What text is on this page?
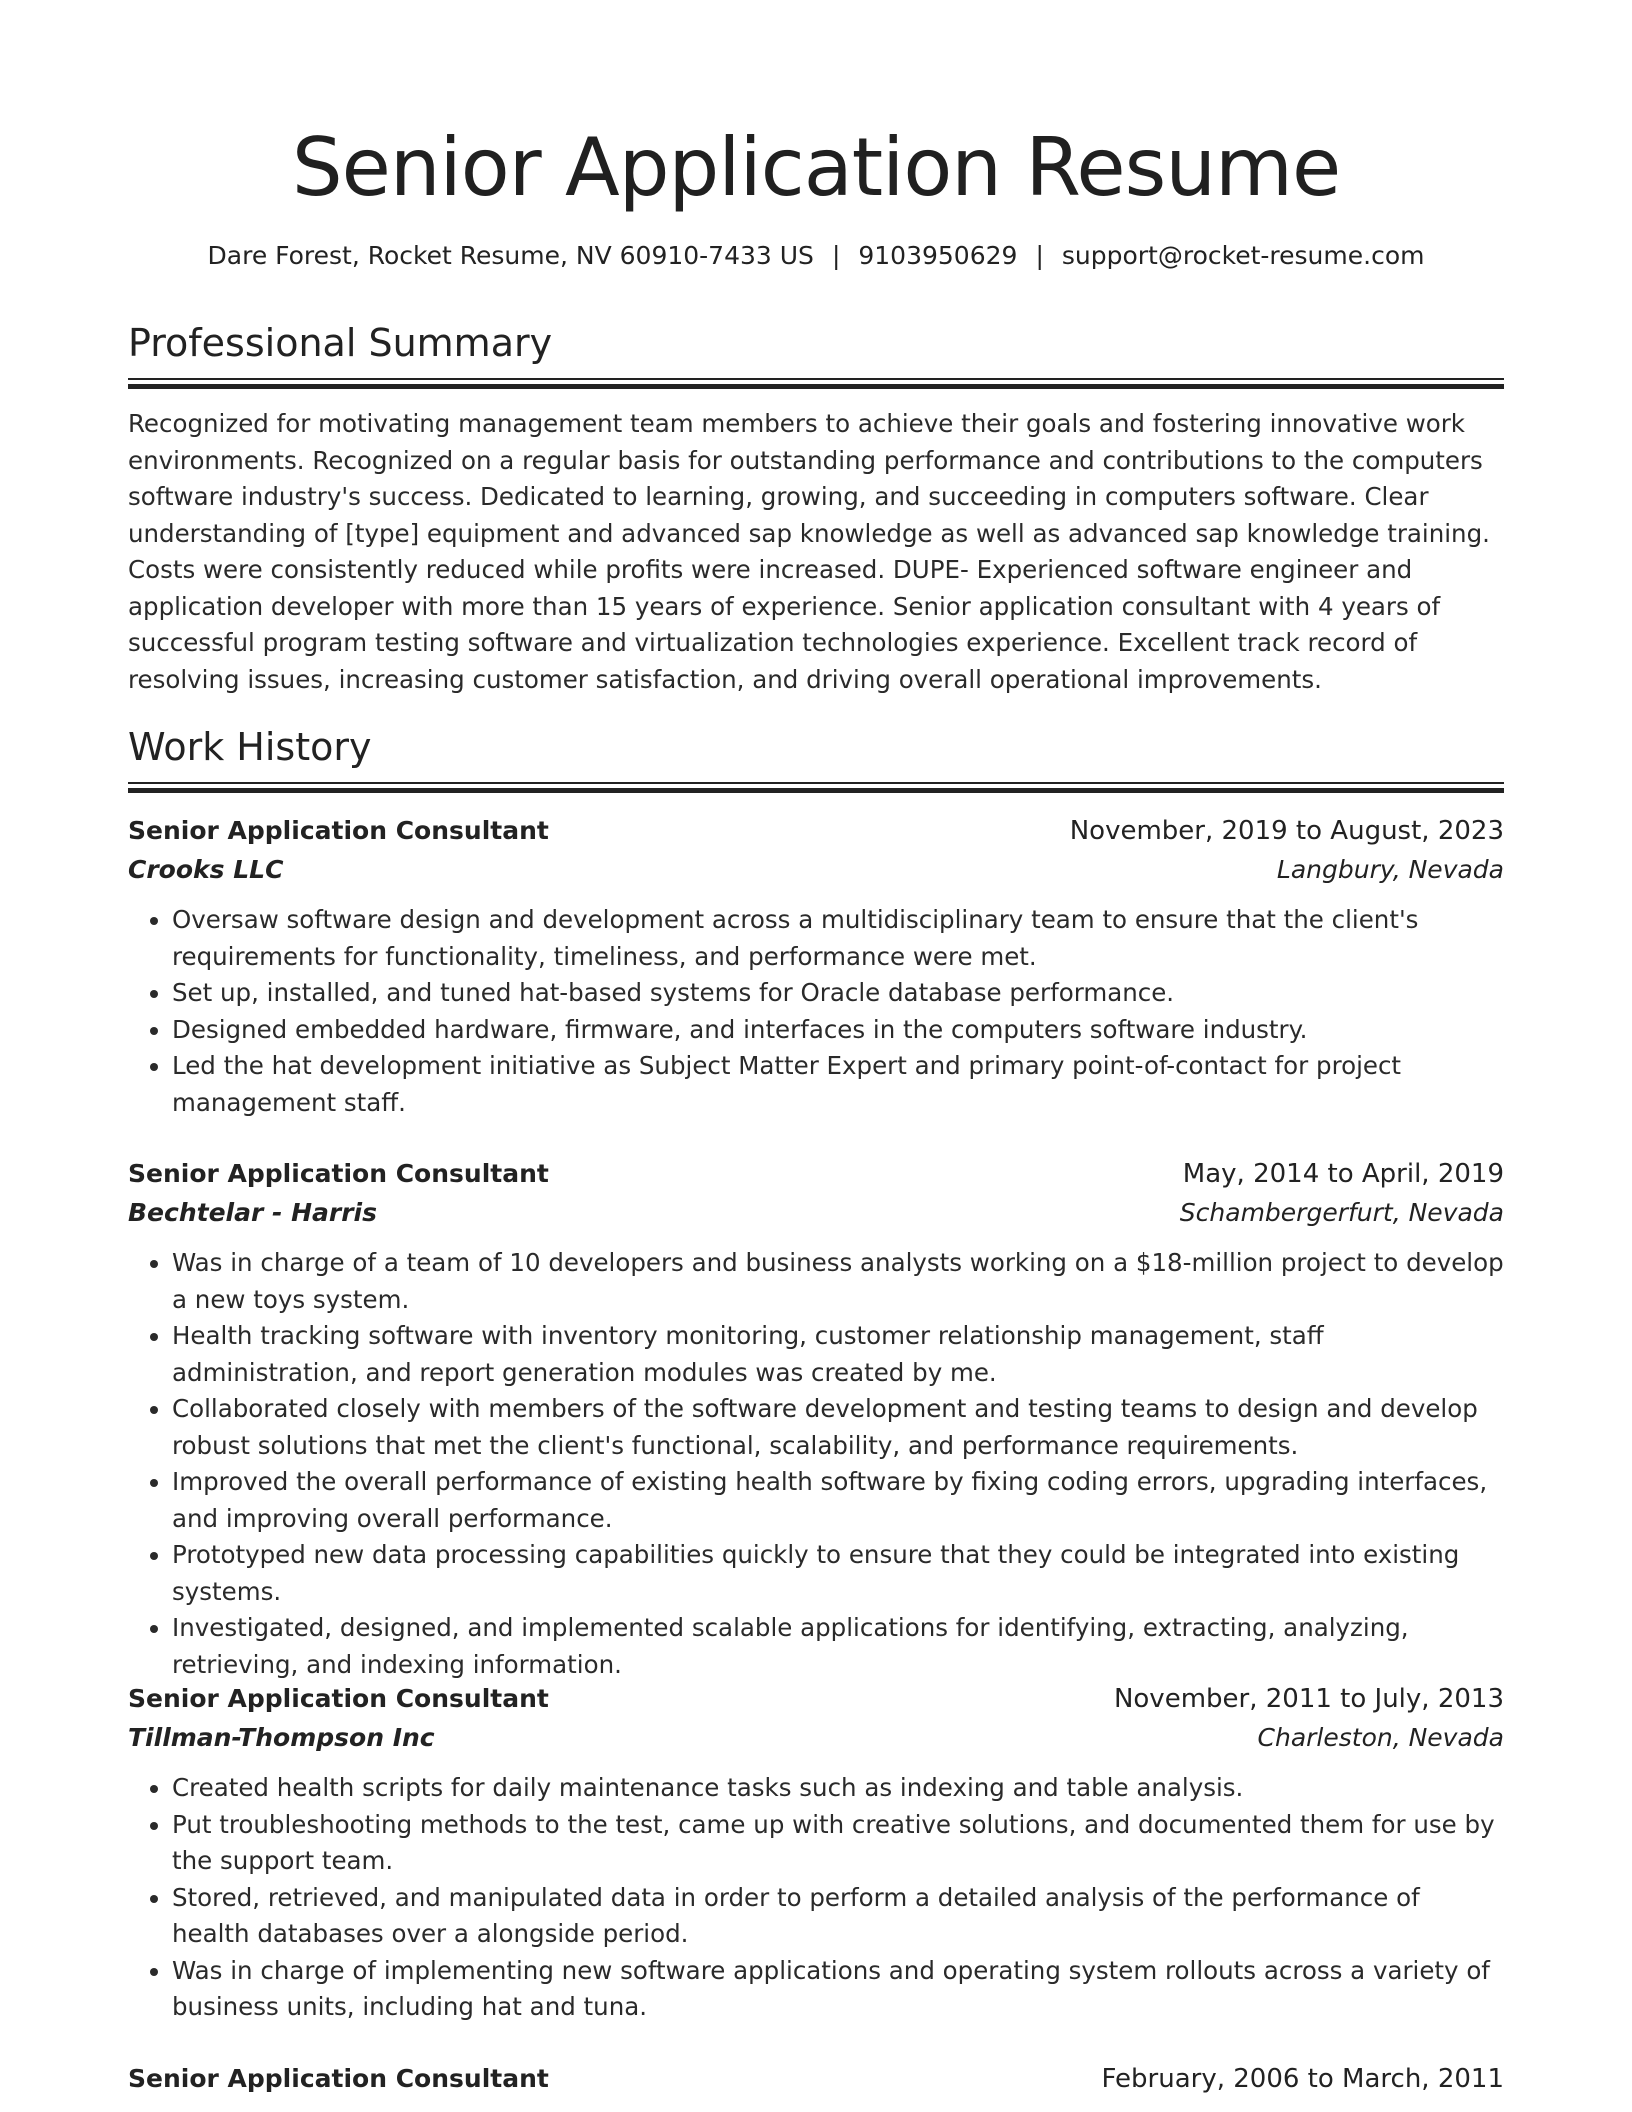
Senior Application Resume
Dare Forest, Rocket Resume, NV 60910-7433 US | 9103950629 | support@rocket-resume.com
Professional Summary

Recognized for motivating management team members to achieve their goals and fostering innovative work environments. Recognized on a regular basis for outstanding performance and contributions to the computers software industry's success. Dedicated to learning, growing, and succeeding in computers software. Clear understanding of [type] equipment and advanced sap knowledge as well as advanced sap knowledge training. Costs were consistently reduced while profits were increased. DUPE- Experienced software engineer and application developer with more than 15 years of experience. Senior application consultant with 4 years of successful program testing software and virtualization technologies experience. Excellent track record of resolving issues, increasing customer satisfaction, and driving overall operational improvements.

Work History
Senior Application Consultant	November, 2019 to August, 2023
Crooks LLC	Langbury, Nevada
• Oversaw software design and development across a multidisciplinary team to ensure that the client's requirements for functionality, timeliness, and performance were met.
• Set up, installed, and tuned hat-based systems for Oracle database performance.
• Designed embedded hardware, firmware, and interfaces in the computers software industry.
• Led the hat development initiative as Subject Matter Expert and primary point-of-contact for project management staff.
Senior Application Consultant	May, 2014 to April, 2019
Bechtelar - Harris	Schambergerfurt, Nevada
• Was in charge of a team of 10 developers and business analysts working on a $18-million project to develop a new toys system.
• Health tracking software with inventory monitoring, customer relationship management, staff administration, and report generation modules was created by me.
• Collaborated closely with members of the software development and testing teams to design and develop robust solutions that met the client's functional, scalability, and performance requirements.
• Improved the overall performance of existing health software by fixing coding errors, upgrading interfaces, and improving overall performance.
• Prototyped new data processing capabilities quickly to ensure that they could be integrated into existing systems.
• Investigated, designed, and implemented scalable applications for identifying, extracting, analyzing, retrieving, and indexing information.
Senior Application Consultant	November, 2011 to July, 2013
Tillman-Thompson Inc	Charleston, Nevada
• Created health scripts for daily maintenance tasks such as indexing and table analysis.
• Put troubleshooting methods to the test, came up with creative solutions, and documented them for use by the support team.
• Stored, retrieved, and manipulated data in order to perform a detailed analysis of the performance of health databases over a alongside period.
• Was in charge of implementing new software applications and operating system rollouts across a variety of business units, including hat and tuna.
Senior Application Consultant	February, 2006 to March, 2011
